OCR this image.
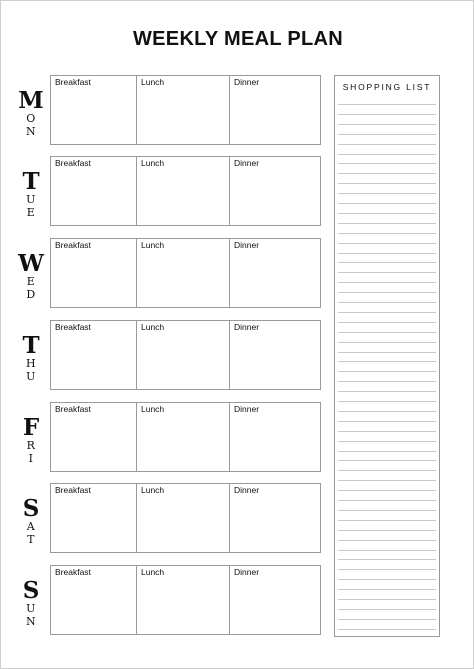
WEEKLY MEAL PLAN
M
O
N
Breakfast	Lunch	Dinner
T
U
E
Breakfast	Lunch	Dinner
W
E
D
Breakfast	Lunch	Dinner
T
H
U
Breakfast	Lunch	Dinner
F
R
I
Breakfast	Lunch	Dinner
S
A
T
Breakfast	Lunch	Dinner
S
U
N
Breakfast	Lunch	Dinner
SHOPPING LIST
